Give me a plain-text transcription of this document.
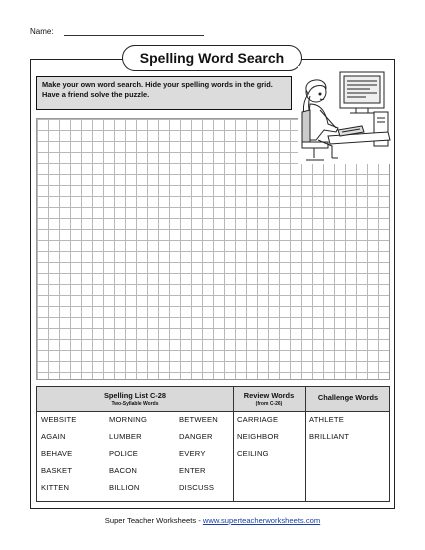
Name:
Spelling Word Search
Make your own word search. Hide your spelling words in the grid. Have a friend solve the puzzle.
Spelling List C-28
Two-Syllable Words
Review Words
(from C-26)
Challenge Words
WEBSITE	MORNING	BETWEEN
AGAIN	LUMBER	DANGER
BEHAVE	POLICE	EVERY
BASKET	BACON	ENTER
KITTEN	BILLION	DISCUSS
CARRIAGE
NEIGHBOR
CEILING
ATHLETE
BRILLIANT
Super Teacher Worksheets - www.superteacherworksheets.com
